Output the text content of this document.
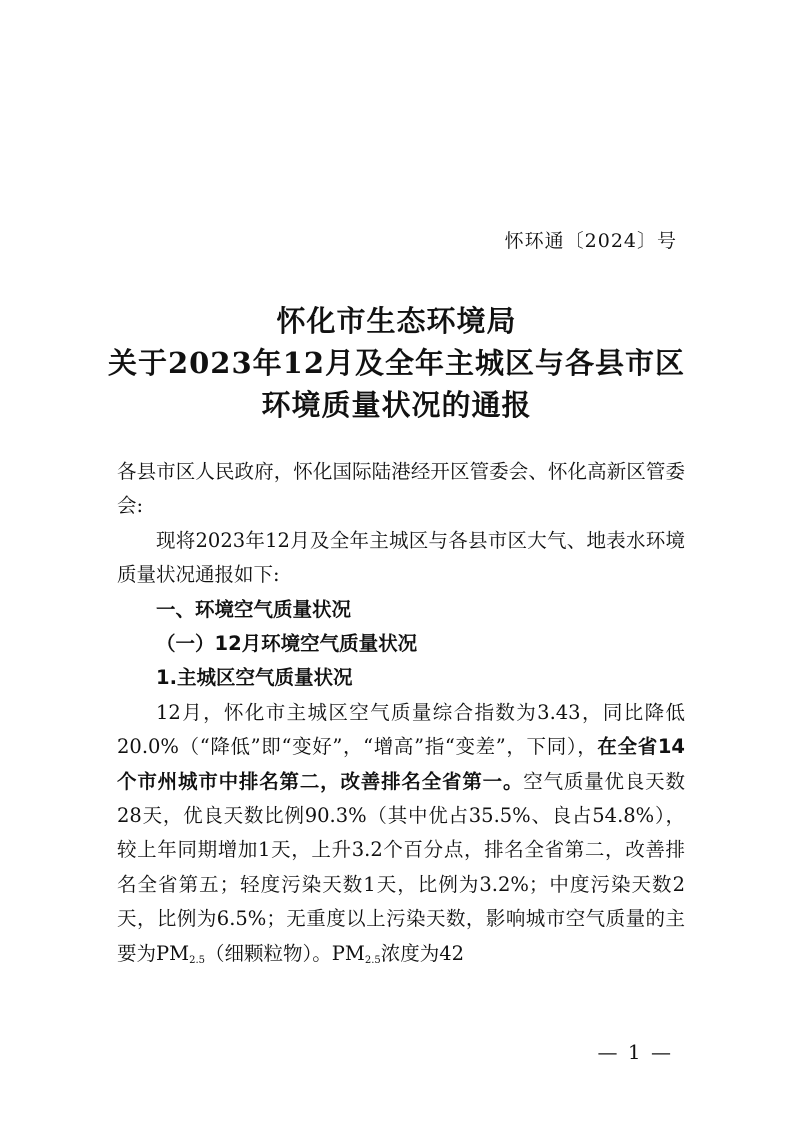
怀环通〔2024〕号
怀化市生态环境局
关于2023年12月及全年主城区与各县市区
环境质量状况的通报

各县市区人民政府，怀化国际陆港经开区管委会、怀化高新区管委会:

现将2023年12月及全年主城区与各县市区大气、地表水环境质量状况通报如下:

一、环境空气质量状况

（一）12月环境空气质量状况

1.主城区空气质量状况

12月，怀化市主城区空气质量综合指数为3.43，同比降低20.0%（“降低”即“变好”，“增高”指“变差”，下同），在全省14个市州城市中排名第二，改善排名全省第一。空气质量优良天数28天，优良天数比例90.3%（其中优占35.5%、良占54.8%），较上年同期增加1天，上升3.2个百分点，排名全省第二，改善排名全省第五；轻度污染天数1天，比例为3.2%；中度污染天数2天，比例为6.5%；无重度以上污染天数，影响城市空气质量的主要为$PM_{2.5}$（细颗粒物）。$PM_{2.5}$浓度为42

— 1 —
